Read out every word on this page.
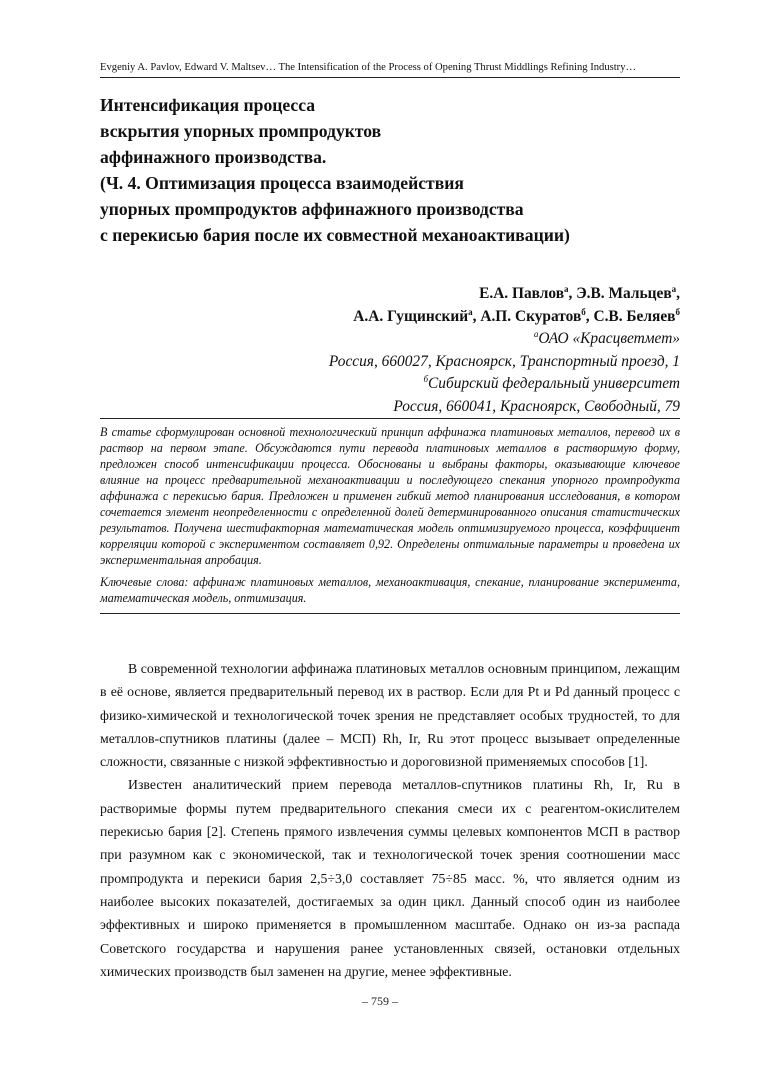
Evgeniy A. Pavlov, Edward V. Maltsev… The Intensification of the Process of Opening Thrust Middlings Refining Industry…
Интенсификация процесса
вскрытия упорных промпродуктов
аффинажного производства.
(Ч. 4. Оптимизация процесса взаимодействия
упорных промпродуктов аффинажного производства
с перекисью бария после их совместной механоактивации)
Е.А. Павлов$^а$, Э.В. Мальцев$^а$,
А.А. Гущинский$^а$, А.П. Скуратов$^б$, С.В. Беляев$^б$
$^а$ОАО «Красцветмет»
Россия, 660027, Красноярск, Транспортный проезд, 1
$^б$Сибирский федеральный университет
Россия, 660041, Красноярск, Свободный, 79

В статье сформулирован основной технологический принцип аффинажа платиновых металлов, перевод их в раствор на первом этапе. Обсуждаются пути перевода платиновых металлов в растворимую форму, предложен способ интенсификации процесса. Обоснованы и выбраны факторы, оказывающие ключевое влияние на процесс предварительной механоактивации и последующего спекания упорного промпродукта аффинажа с перекисью бария. Предложен и применен гибкий метод планирования исследования, в котором сочетается элемент неопределенности с определенной долей детерминированного описания статистических результатов. Получена шестифакторная математическая модель оптимизируемого процесса, коэффициент корреляции которой с экспериментом составляет 0,92. Определены оптимальные параметры и проведена их экспериментальная апробация.

Ключевые слова: аффинаж платиновых металлов, механоактивация, спекание, планирование эксперимента, математическая модель, оптимизация.

В современной технологии аффинажа платиновых металлов основным принципом, лежащим в её основе, является предварительный перевод их в раствор. Если для Pt и Pd данный процесс с физико-химической и технологической точек зрения не представляет особых трудностей, то для металлов-спутников платины (далее – МСП) Rh, Ir, Ru этот процесс вызывает определенные сложности, связанные с низкой эффективностью и дороговизной применяемых способов [1].

Известен аналитический прием перевода металлов-спутников платины Rh, Ir, Ru в растворимые формы путем предварительного спекания смеси их с реагентом-окислителем перекисью бария [2]. Степень прямого извлечения суммы целевых компонентов МСП в раствор при разумном как с экономической, так и технологической точек зрения соотношении масс промпродукта и перекиси бария 2,5÷3,0 составляет 75÷85 масс. %, что является одним из наиболее высоких показателей, достигаемых за один цикл. Данный способ один из наиболее эффективных и широко применяется в промышленном масштабе. Однако он из-за распада Советского государства и нарушения ранее установленных связей, остановки отдельных химических производств был заменен на другие, менее эффективные.

– 759 –
